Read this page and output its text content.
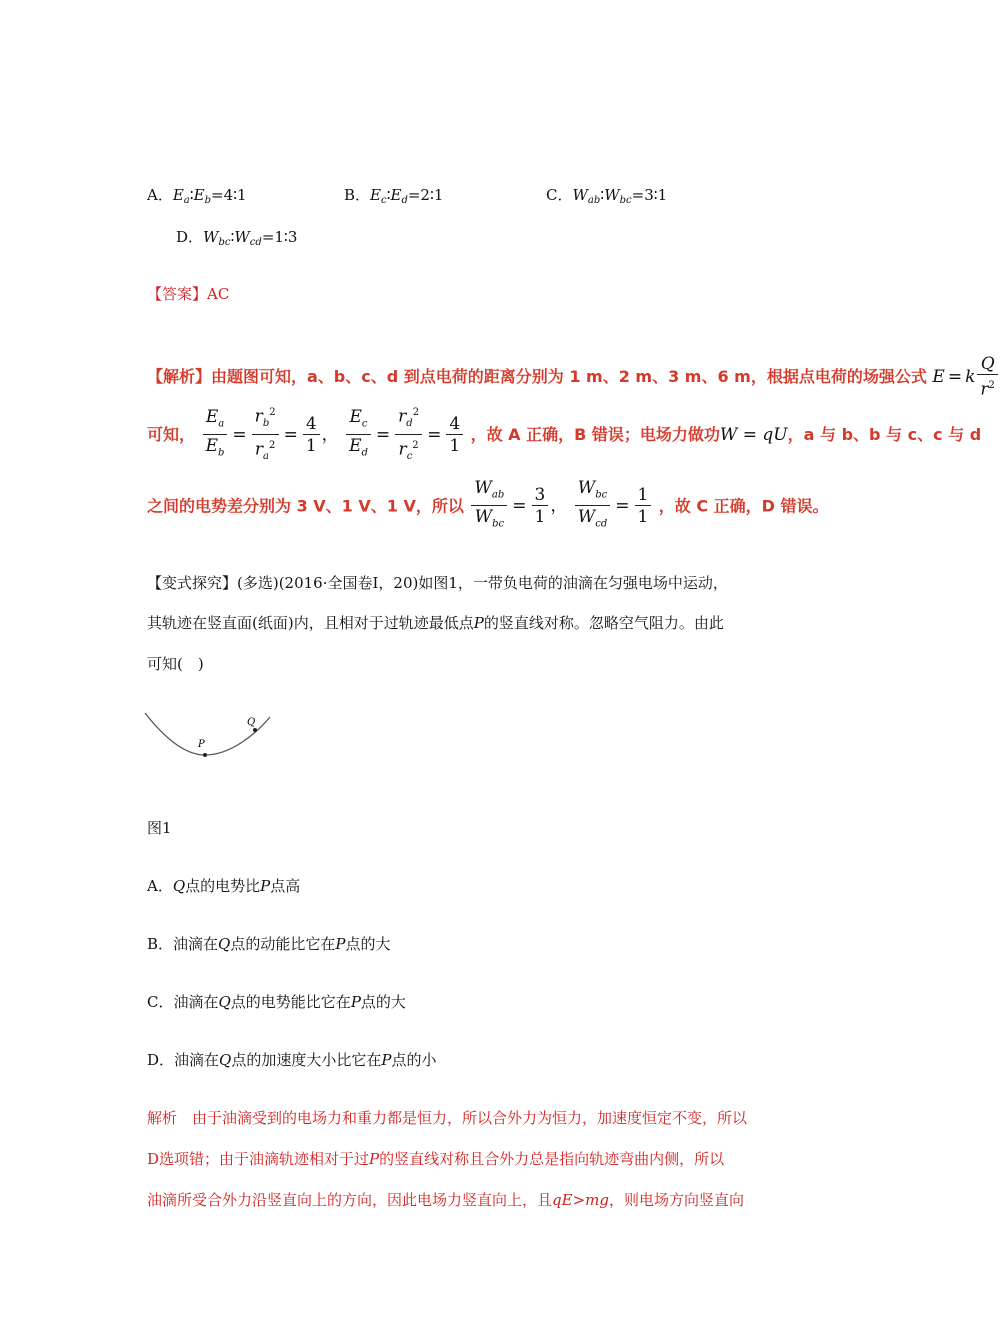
A．$E_a∶E_b=4∶1$	B．$E_c∶E_d=2∶1$	C．$W_{ab}∶W_{bc}=3∶1$
D．$W_{bc}∶W_{cd}=1∶3$
【答案】AC
【解析】由题图可知，a、b、c、d 到点电荷的距离分别为 1 m、2 m、3 m、6 m，根据点电荷的场强公式 E = k $\frac{Q}{r^2}$
可知， $\frac{E_a}{E_b} = \frac{r_b^2}{r_a^2} = \frac{4}{1}$ ， $\frac{E_c}{E_d} = \frac{r_d^2}{r_c^2} = \frac{4}{1}$ ，故 A 正确，B 错误；电场力做功W = qU，a 与 b、b 与 c、c 与 d
之间的电势差分别为 3 V、1 V、1 V，所以 $\frac{W_{ab}}{W_{bc}} = \frac{3}{1}$ ， $\frac{W_{bc}}{W_{cd}} = \frac{1}{1}$ ，故 C 正确，D 错误。
【变式探究】(多选)(2016·全国卷Ⅰ，20)如图1，一带负电荷的油滴在匀强电场中运动，
其轨迹在竖直面(纸面)内，且相对于过轨迹最低点P的竖直线对称。忽略空气阻力。由此
可知(　)
P
Q
图1
A．Q点的电势比P点高
B．油滴在Q点的动能比它在P点的大
C．油滴在Q点的电势能比它在P点的大
D．油滴在Q点的加速度大小比它在P点的小
解析　由于油滴受到的电场力和重力都是恒力，所以合外力为恒力，加速度恒定不变，所以
D选项错；由于油滴轨迹相对于过P的竖直线对称且合外力总是指向轨迹弯曲内侧，所以
油滴所受合外力沿竖直向上的方向，因此电场力竖直向上，且qE>mg，则电场方向竖直向
